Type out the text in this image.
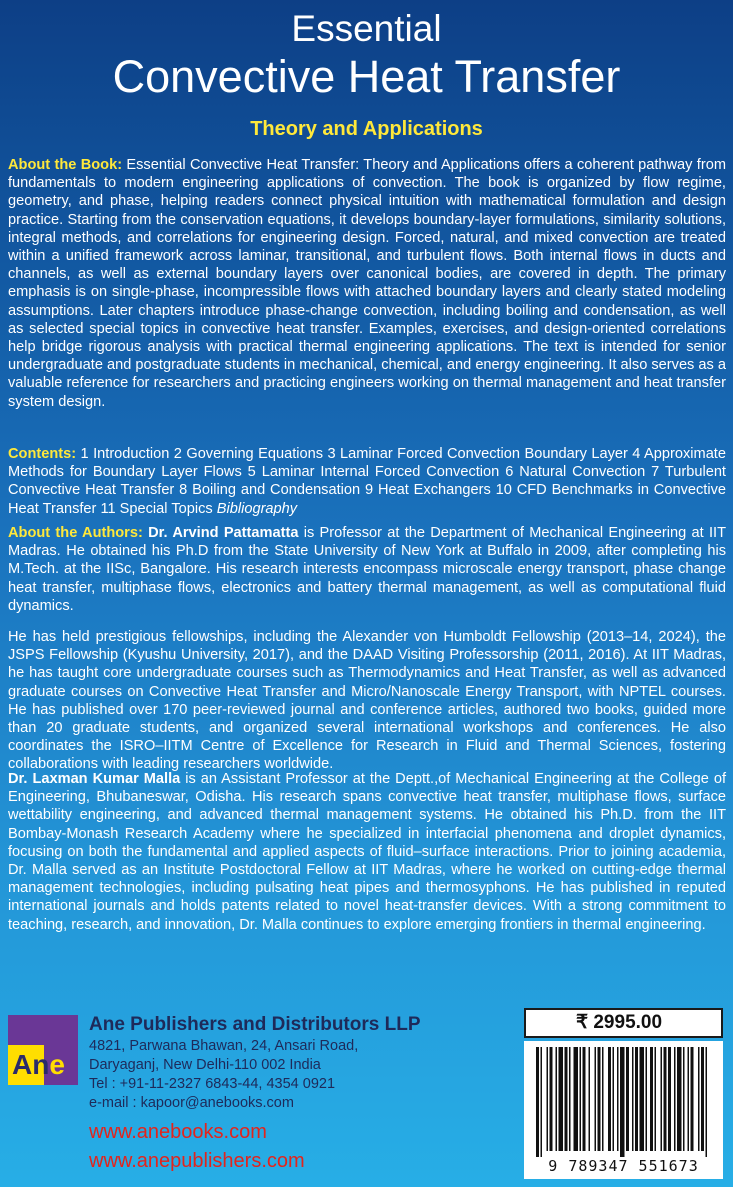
Essential
Convective Heat Transfer
Theory and Applications

About the Book: Essential Convective Heat Transfer: Theory and Applications offers a coherent pathway from fundamentals to modern engineering applications of convection. The book is organized by flow regime, geometry, and phase, helping readers connect physical intuition with mathematical formulation and design practice. Starting from the conservation equations, it develops boundary-layer formulations, similarity solutions, integral methods, and correlations for engineering design. Forced, natural, and mixed convection are treated within a unified framework across laminar, transitional, and turbulent flows. Both internal flows in ducts and channels, as well as external boundary layers over canonical bodies, are covered in depth. The primary emphasis is on single-phase, incompressible flows with attached boundary layers and clearly stated modeling assumptions. Later chapters introduce phase-change convection, including boiling and condensation, as well as selected special topics in convective heat transfer. Examples, exercises, and design-oriented correlations help bridge rigorous analysis with practical thermal engineering applications. The text is intended for senior undergraduate and postgraduate students in mechanical, chemical, and energy engineering. It also serves as a valuable reference for researchers and practicing engineers working on thermal management and heat transfer system design.

Contents: 1 Introduction 2 Governing Equations 3 Laminar Forced Convection Boundary Layer 4 Approximate Methods for Boundary Layer Flows 5 Laminar Internal Forced Convection 6 Natural Convection 7 Turbulent Convective Heat Transfer 8 Boiling and Condensation 9 Heat Exchangers 10 CFD Benchmarks in Convective Heat Transfer 11 Special Topics Bibliography

About the Authors: Dr. Arvind Pattamatta is Professor at the Department of Mechanical Engineering at IIT Madras. He obtained his Ph.D from the State University of New York at Buffalo in 2009, after completing his M.Tech. at the IISc, Bangalore. His research interests encompass microscale energy transport, phase change heat transfer, multiphase flows, electronics and battery thermal management, as well as computational fluid dynamics.

He has held prestigious fellowships, including the Alexander von Humboldt Fellowship (2013–14, 2024), the JSPS Fellowship (Kyushu University, 2017), and the DAAD Visiting Professorship (2011, 2016). At IIT Madras, he has taught core undergraduate courses such as Thermodynamics and Heat Transfer, as well as advanced graduate courses on Convective Heat Transfer and Micro/Nanoscale Energy Transport, with NPTEL courses. He has published over 170 peer-reviewed journal and conference articles, authored two books, guided more than 20 graduate students, and organized several international workshops and conferences. He also coordinates the ISRO–IITM Centre of Excellence for Research in Fluid and Thermal Sciences, fostering collaborations with leading researchers worldwide.

Dr. Laxman Kumar Malla is an Assistant Professor at the Deptt.,of Mechanical Engineering at the College of Engineering, Bhubaneswar, Odisha. His research spans convective heat transfer, multiphase flows, surface wettability engineering, and advanced thermal management systems. He obtained his Ph.D. from the IIT Bombay-Monash Research Academy where he specialized in interfacial phenomena and droplet dynamics, focusing on both the fundamental and applied aspects of fluid–surface interactions. Prior to joining academia, Dr. Malla served as an Institute Postdoctoral Fellow at IIT Madras, where he worked on cutting-edge thermal management technologies, including pulsating heat pipes and thermosyphons. He has published in reputed international journals and holds patents related to novel heat-transfer devices. With a strong commitment to teaching, research, and innovation, Dr. Malla continues to explore emerging frontiers in thermal engineering.

Ane
Ane Publishers and Distributors LLP
4821, Parwana Bhawan, 24, Ansari Road,
Daryaganj, New Delhi-110 002 India
Tel : +91-11-2327 6843-44, 4354 0921
e-mail : kapoor@anebooks.com
www.anebooks.com
www.anepublishers.com
₹ 2995.00
9 789347 551673
